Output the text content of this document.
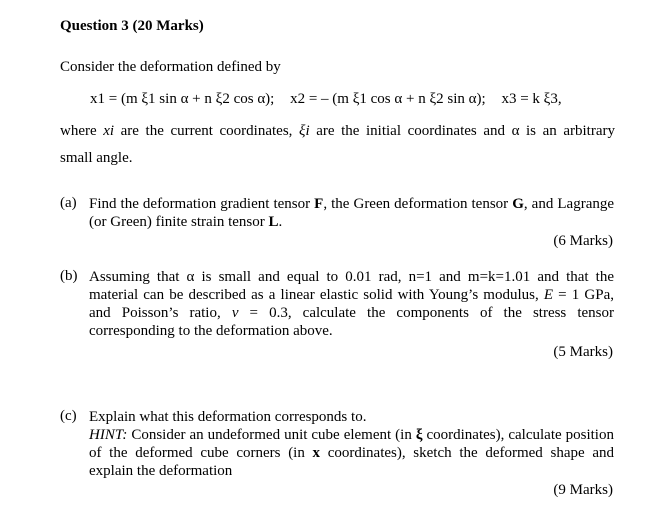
Question 3 (20 Marks)
Consider the deformation defined by
x1 = (m ξ1 sin α + n ξ2 cos α); x2 = – (m ξ1 cos α + n ξ2 sin α); x3 = k ξ3,
where xi are the current coordinates, ξi are the initial coordinates and α is an arbitrary
small angle.
(a) Find the deformation gradient tensor F, the Green deformation tensor G, and Lagrange (or Green) finite strain tensor L.
(6 Marks)
(b) Assuming that α is small and equal to 0.01 rad, n=1 and m=k=1.01 and that the material can be described as a linear elastic solid with Young’s modulus, E = 1 GPa, and Poisson’s ratio, ν = 0.3, calculate the components of the stress tensor corresponding to the deformation above.
(5 Marks)
(c) Explain what this deformation corresponds to.
HINT: Consider an undeformed unit cube element (in ξ coordinates), calculate position of the deformed cube corners (in x coordinates), sketch the deformed shape and explain the deformation
(9 Marks)
